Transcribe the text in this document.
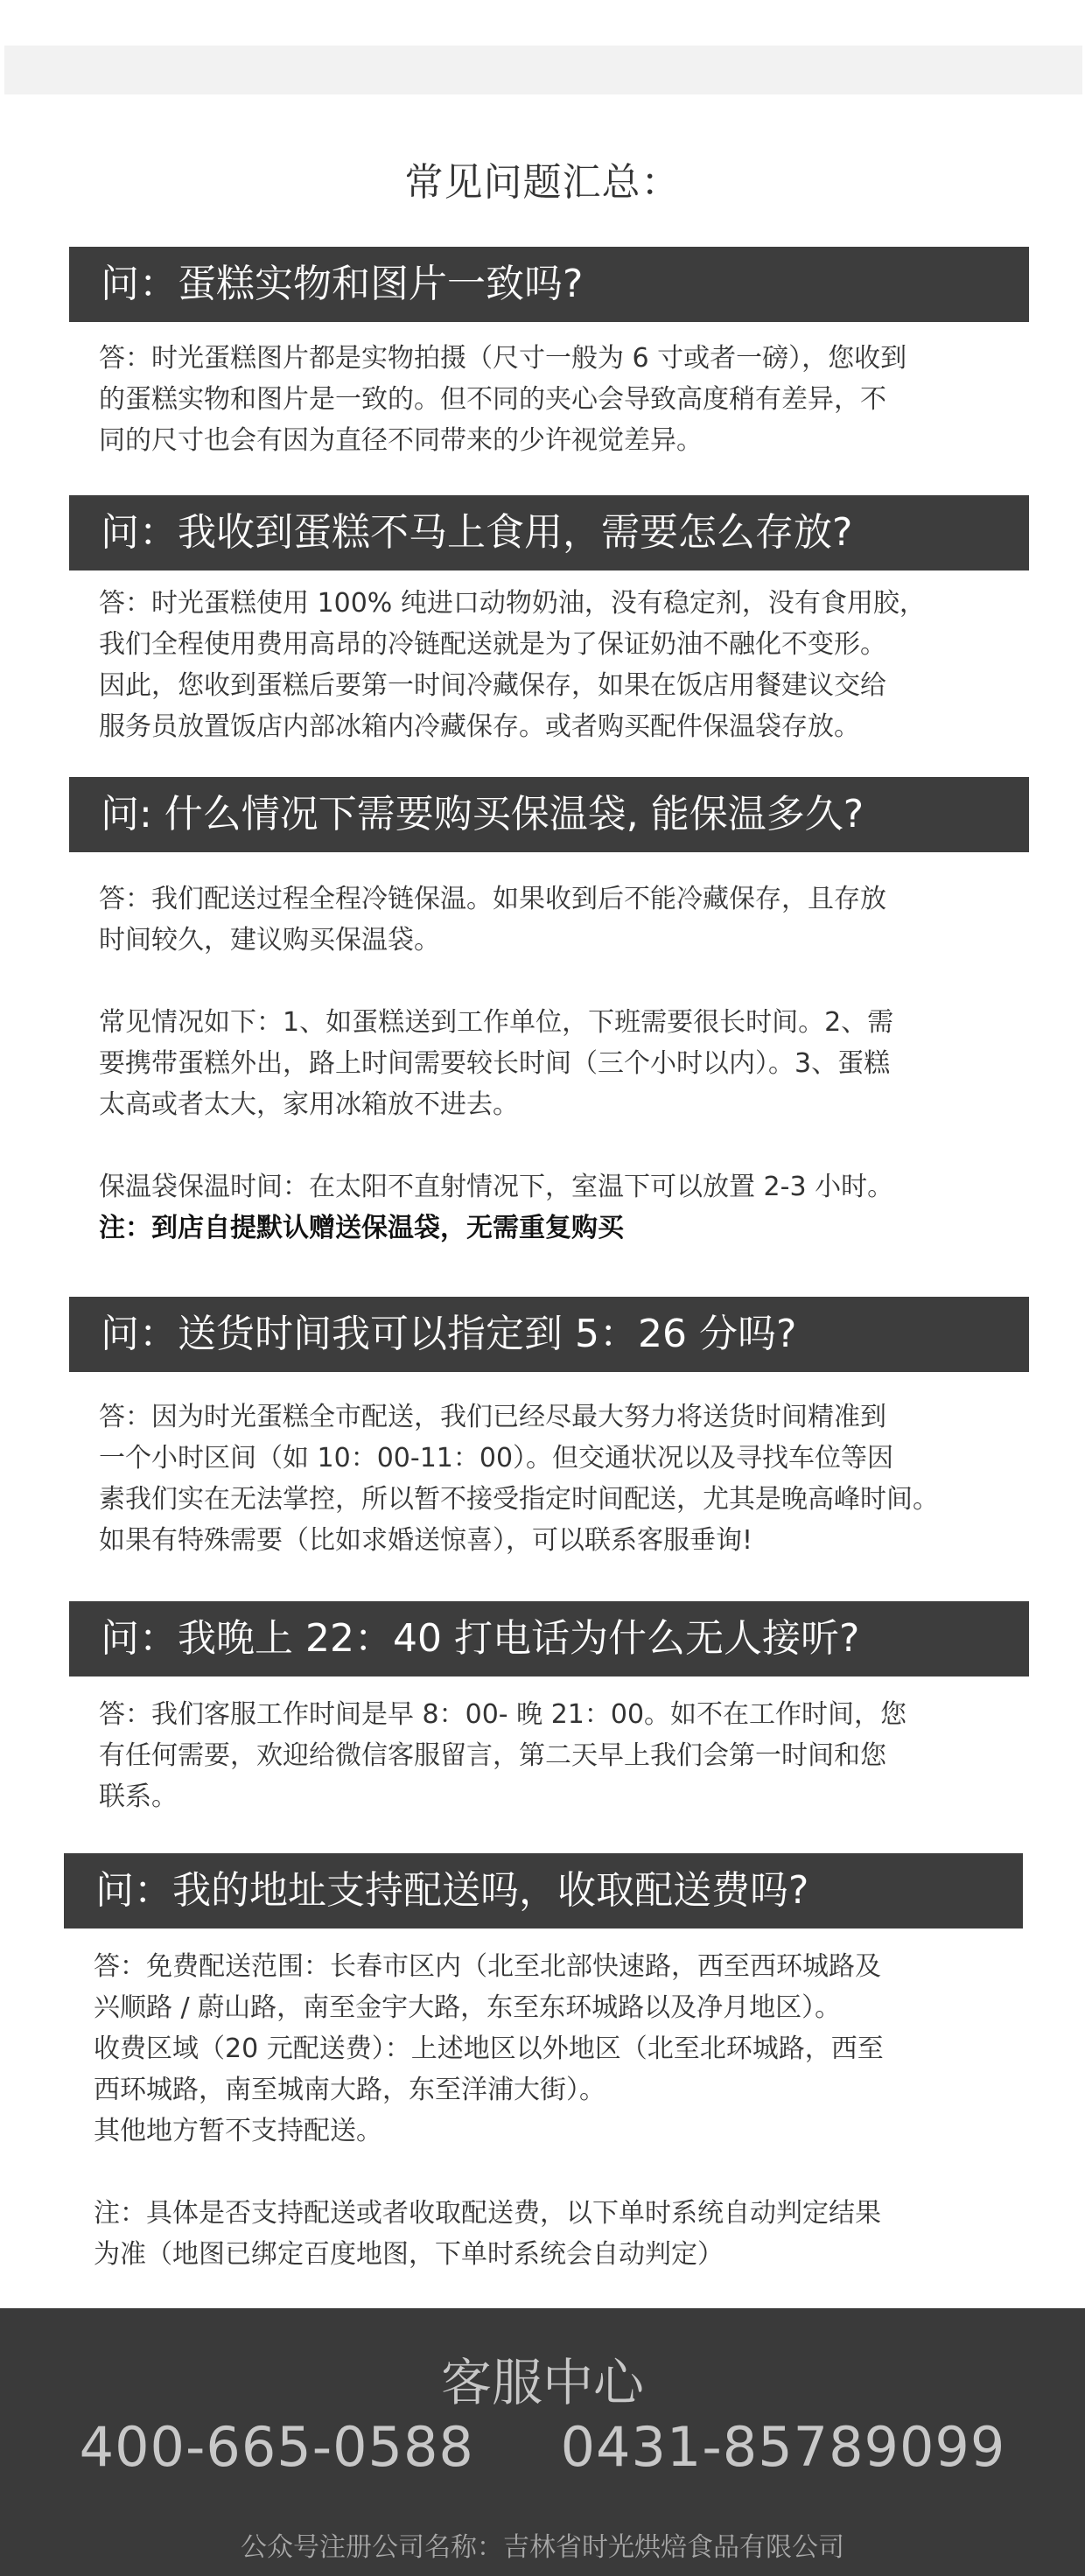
常见问题汇总：
问：蛋糕实物和图片一致吗?

答：时光蛋糕图片都是实物拍摄（尺寸一般为 6 寸或者一磅），您收到

的蛋糕实物和图片是一致的。但不同的夹心会导致高度稍有差异，不

同的尺寸也会有因为直径不同带来的少许视觉差异。

问：我收到蛋糕不马上食用，需要怎么存放?

答：时光蛋糕使用 100% 纯进口动物奶油，没有稳定剂，没有食用胶，

我们全程使用费用高昂的冷链配送就是为了保证奶油不融化不变形。

因此，您收到蛋糕后要第一时间冷藏保存，如果在饭店用餐建议交给

服务员放置饭店内部冰箱内冷藏保存。或者购买配件保温袋存放。

问: 什么情况下需要购买保温袋, 能保温多久?

答：我们配送过程全程冷链保温。如果收到后不能冷藏保存，且存放

时间较久，建议购买保温袋。

常见情况如下：1、如蛋糕送到工作单位，下班需要很长时间。2、需

要携带蛋糕外出，路上时间需要较长时间（三个小时以内）。3、蛋糕

太高或者太大，家用冰箱放不进去。

保温袋保温时间：在太阳不直射情况下，室温下可以放置 2-3 小时。

注：到店自提默认赠送保温袋，无需重复购买

问：送货时间我可以指定到 5：26 分吗?

答：因为时光蛋糕全市配送，我们已经尽最大努力将送货时间精准到

一个小时区间（如 10：00-11：00）。但交通状况以及寻找车位等因

素我们实在无法掌控，所以暂不接受指定时间配送，尤其是晚高峰时间。

如果有特殊需要（比如求婚送惊喜），可以联系客服垂询!

问：我晚上 22：40 打电话为什么无人接听?

答：我们客服工作时间是早 8：00- 晚 21：00。如不在工作时间，您

有任何需要，欢迎给微信客服留言，第二天早上我们会第一时间和您

联系。

问：我的地址支持配送吗，收取配送费吗?

答：免费配送范围：长春市区内（北至北部快速路，西至西环城路及

兴顺路 / 蔚山路，南至金宇大路，东至东环城路以及净月地区）。

收费区域（20 元配送费）：上述地区以外地区（北至北环城路，西至

西环城路，南至城南大路，东至洋浦大街）。

其他地方暂不支持配送。

注：具体是否支持配送或者收取配送费，以下单时系统自动判定结果

为准（地图已绑定百度地图，下单时系统会自动判定）

客服中心
400-665-0588 0431-85789099
公众号注册公司名称：吉林省时光烘焙食品有限公司
